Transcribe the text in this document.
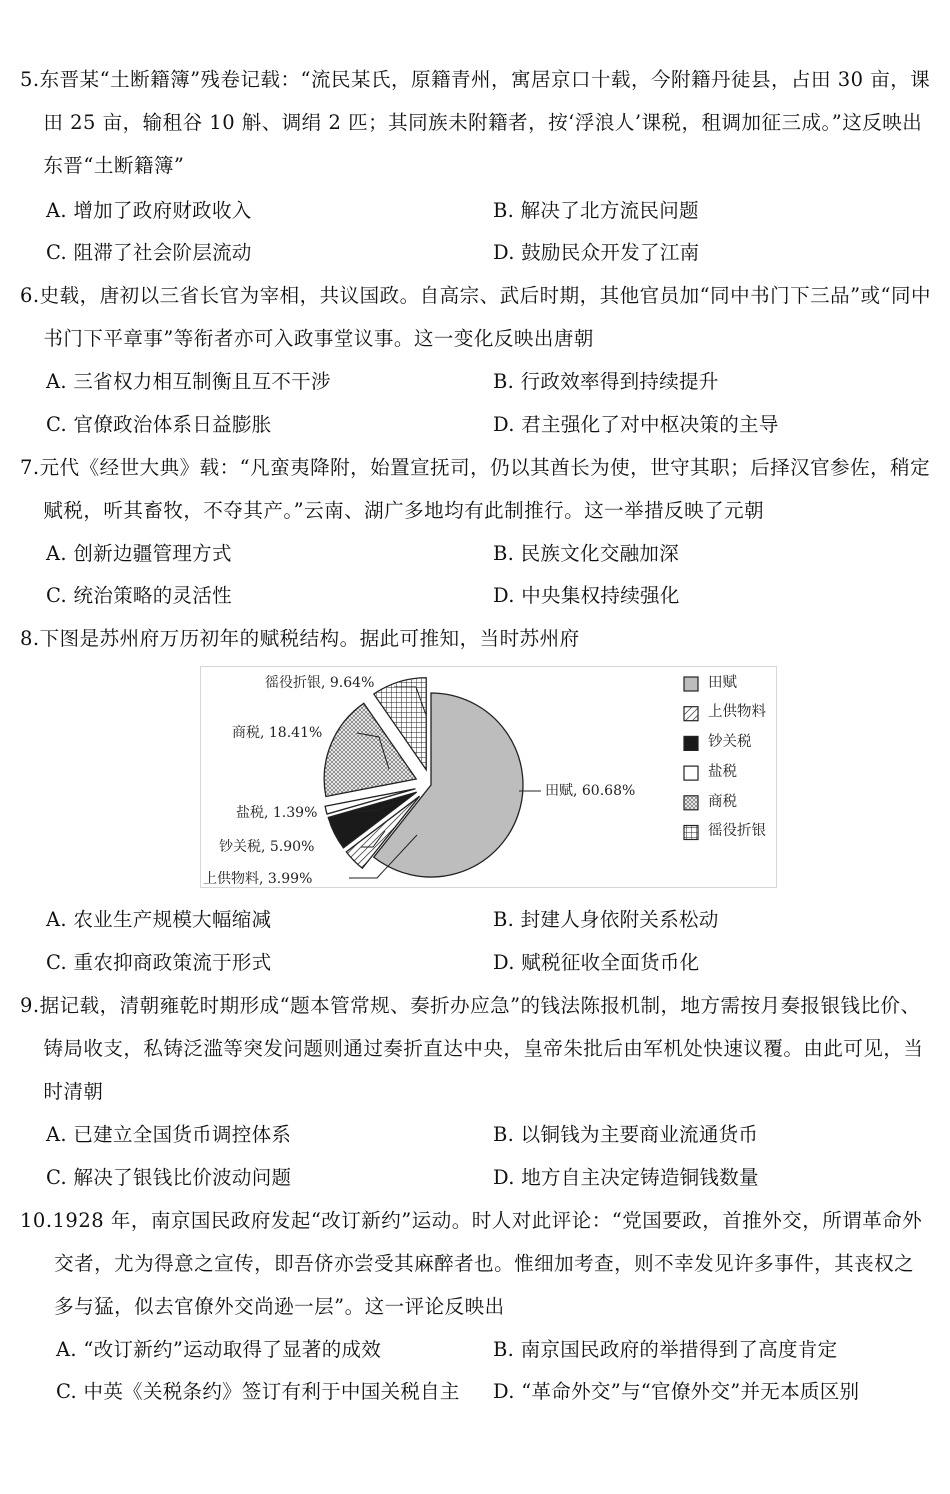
5.东晋某“土断籍簿”残卷记载：“流民某氏，原籍青州，寓居京口十载，今附籍丹徒县，占田 30 亩，课田 25 亩，输租谷 10 斛、调绢 2 匹；其同族未附籍者，按‘浮浪人’课税，租调加征三成。”这反映出东晋“土断籍簿”

A. 增加了政府财政收入	B. 解决了北方流民问题
C. 阻滞了社会阶层流动	D. 鼓励民众开发了江南

6.史载，唐初以三省长官为宰相，共议国政。自高宗、武后时期，其他官员加“同中书门下三品”或“同中书门下平章事”等衔者亦可入政事堂议事。这一变化反映出唐朝

A. 三省权力相互制衡且互不干涉	B. 行政效率得到持续提升
C. 官僚政治体系日益膨胀	D. 君主强化了对中枢决策的主导

7.元代《经世大典》载：“凡蛮夷降附，始置宣抚司，仍以其酋长为使，世守其职；后择汉官参佐，稍定赋税，听其畜牧，不夺其产。”云南、湖广多地均有此制推行。这一举措反映了元朝

A. 创新边疆管理方式	B. 民族文化交融加深
C. 统治策略的灵活性	D. 中央集权持续强化

8.下图是苏州府万历初年的赋税结构。据此可推知，当时苏州府

徭役折银, 9.64%
商税, 18.41%
田赋, 60.68%
盐税, 1.39%
钞关税, 5.90%
上供物料, 3.99%
田赋
上供物料
钞关税
盐税
商税
徭役折银
A. 农业生产规模大幅缩减	B. 封建人身依附关系松动
C. 重农抑商政策流于形式	D. 赋税征收全面货币化

9.据记载，清朝雍乾时期形成“题本管常规、奏折办应急”的钱法陈报机制，地方需按月奏报银钱比价、铸局收支，私铸泛滥等突发问题则通过奏折直达中央，皇帝朱批后由军机处快速议覆。由此可见，当时清朝

A. 已建立全国货币调控体系	B. 以铜钱为主要商业流通货币
C. 解决了银钱比价波动问题	D. 地方自主决定铸造铜钱数量

10.1928 年，南京国民政府发起“改订新约”运动。时人对此评论：“党国要政，首推外交，所谓革命外交者，尤为得意之宣传，即吾侪亦尝受其麻醉者也。惟细加考查，则不幸发见许多事件，其丧权之多与猛，似去官僚外交尚逊一层”。这一评论反映出

A. “改订新约”运动取得了显著的成效	B. 南京国民政府的举措得到了高度肯定
C. 中英《关税条约》签订有利于中国关税自主 D. “革命外交”与“官僚外交”并无本质区别
